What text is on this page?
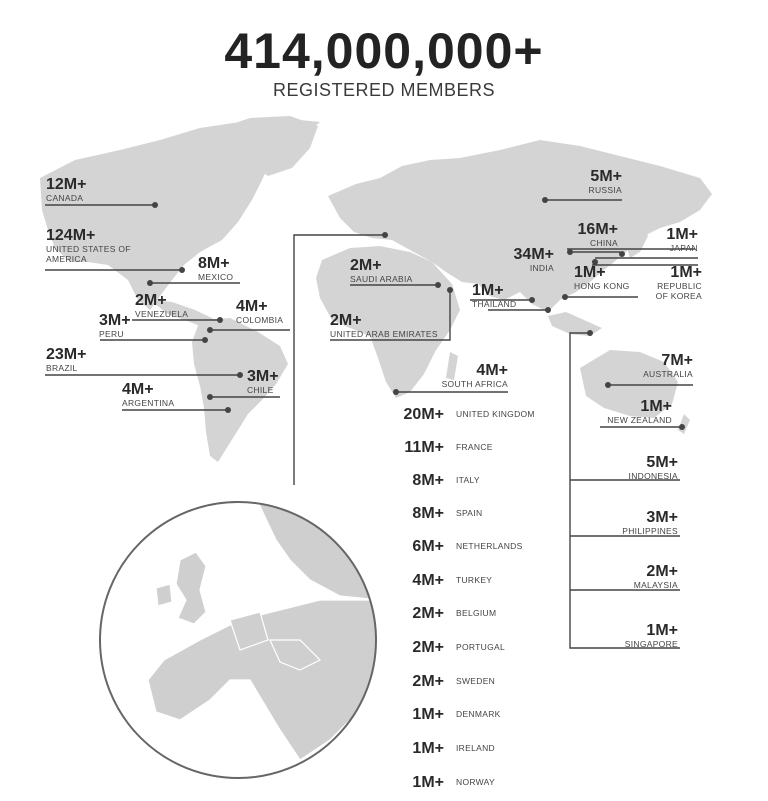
414,000,000+
REGISTERED MEMBERS
12M+
CANADA
124M+
UNITED STATES OF
AMERICA	8M+
MEXICO
2M+
VENEZUELA	4M+
COLOMBIA
3M+
PERU
23M+
BRAZIL	3M+
CHILE
4M+
ARGENTINA
2M+
SAUDI ARABIA
2M+
UNITED ARAB EMIRATES
4M+
SOUTH AFRICA
5M+
RUSSIA
16M+
CHINA
34M+
INDIA
1M+
THAILAND
1M+
HONG KONG
1M+
JAPAN
1M+
REPUBLIC
OF KOREA
7M+
AUSTRALIA
1M+
NEW ZEALAND
5M+
INDONESIA
3M+
PHILIPPINES
2M+
MALAYSIA
1M+
SINGAPORE
20M+ UNITED KINGDOM
11M+ FRANCE
8M+ ITALY
8M+ SPAIN
6M+ NETHERLANDS
4M+ TURKEY
2M+ BELGIUM
2M+ PORTUGAL
2M+ SWEDEN
1M+ DENMARK
1M+ IRELAND
1M+ NORWAY
